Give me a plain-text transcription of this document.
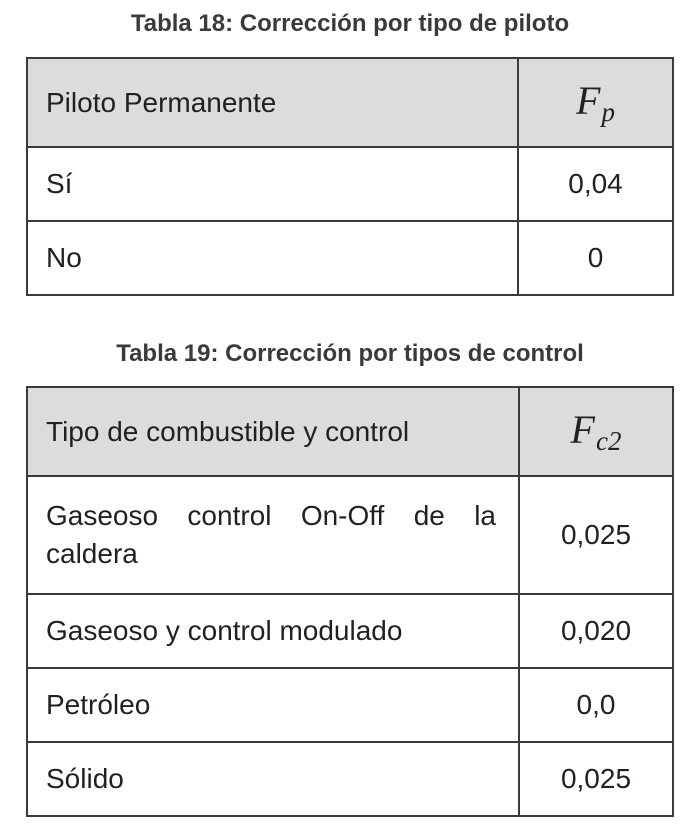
Tabla 18: Corrección por tipo de piloto
Piloto Permanente	$F_p$
Sí	0,04
No	0
Tabla 19: Corrección por tipos de control
Tipo de combustible y control	$F_{c2}$
Gaseoso control On-Off de la caldera	0,025
Gaseoso y control modulado	0,020
Petróleo	0,0
Sólido	0,025
